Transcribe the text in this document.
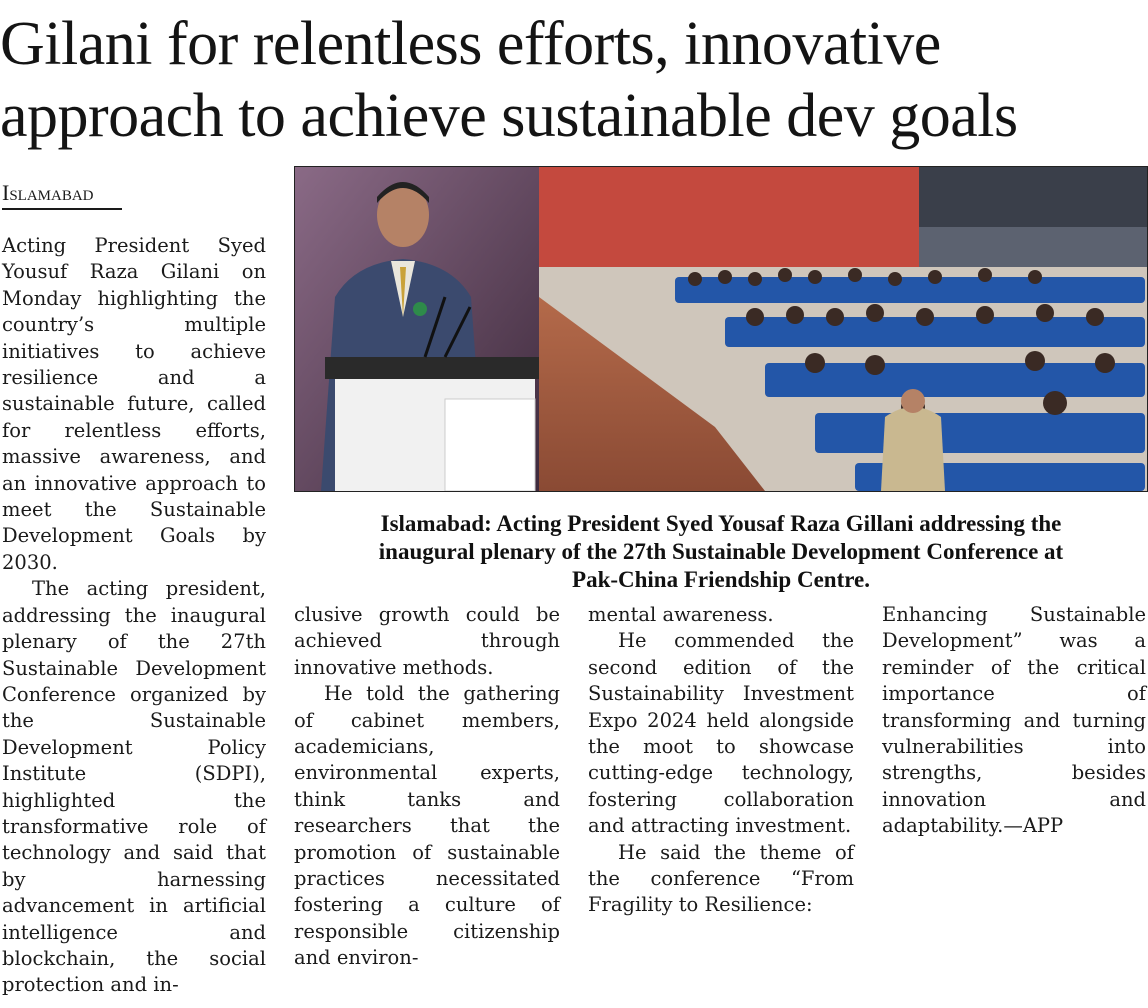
Gilani for relentless efforts, innovative
approach to achieve sustainable dev goals
Islamabad
Islamabad: Acting President Syed Yousaf Raza Gillani addressing the
inaugural plenary of the 27th Sustainable Development Conference at
Pak-China Friendship Centre.

Acting President Syed Yousuf Raza Gilani on Monday highlighting the country’s multiple initiatives to achieve resilience and a sustainable future, called for relentless efforts, massive awareness, and an innovative approach to meet the Sustainable Development Goals by 2030.

The acting president, addressing the inaugural plenary of the 27th Sustainable Development Conference organized by the Sustainable Development Policy Institute (SDPI), highlighted the transformative role of technology and said that by harnessing advancement in artificial intelligence and blockchain, the social protection and in-

clusive growth could be achieved through innovative methods.

He told the gathering of cabinet members, academicians, environmental experts, think tanks and researchers that the promotion of sustainable practices necessitated fostering a culture of responsible citizenship and environ-

mental awareness.

He commended the second edition of the Sustainability Investment Expo 2024 held alongside the moot to showcase cutting-edge technology, fostering collaboration and attracting investment.

He said the theme of the conference “From Fragility to Resilience:

Enhancing Sustainable Development” was a reminder of the critical importance of transforming and turning vulnerabilities into strengths, besides innovation and adaptability.—APP
